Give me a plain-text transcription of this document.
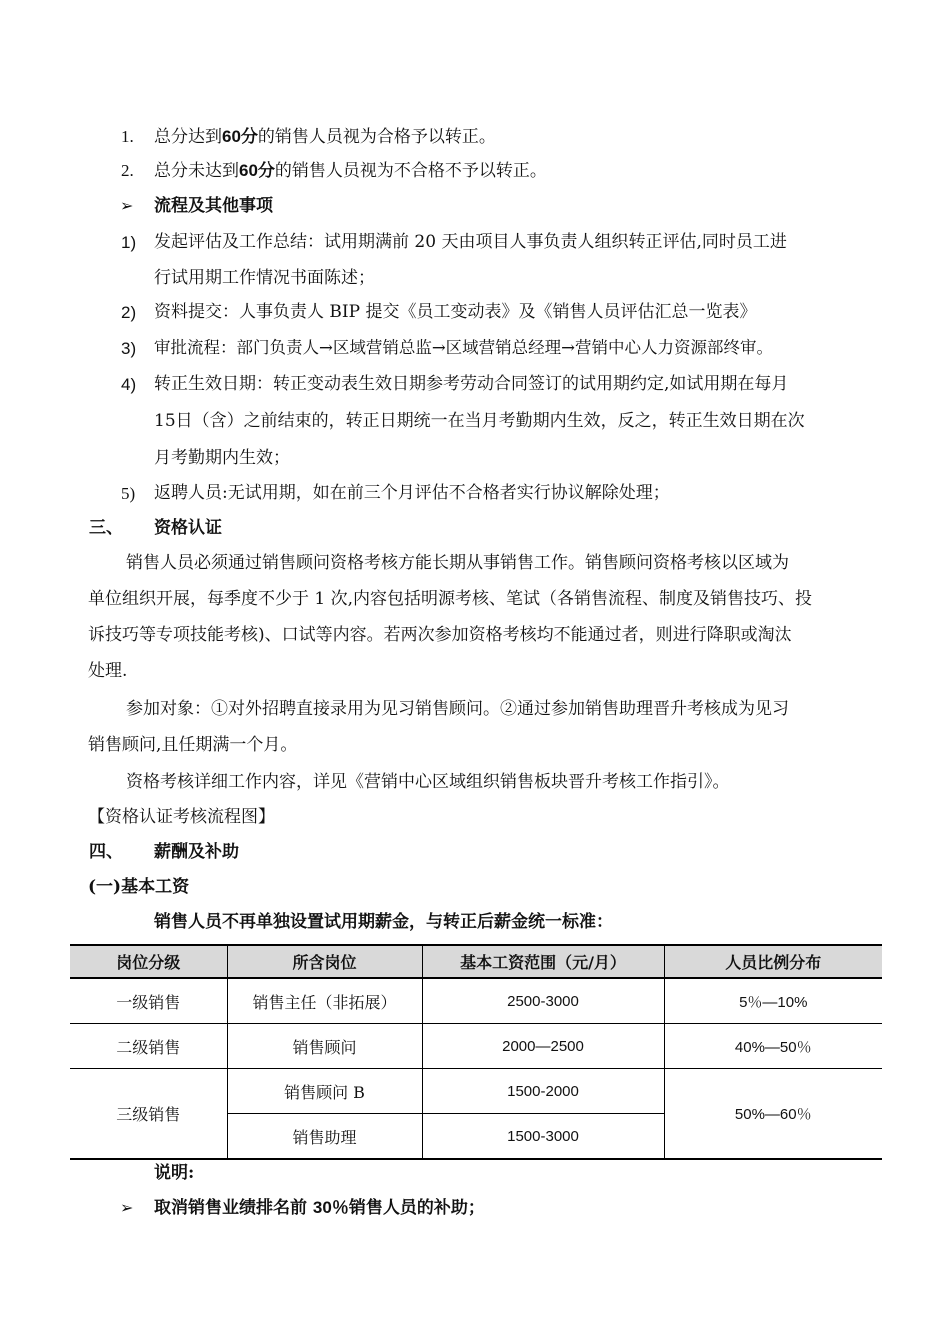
1. 总分达到60分的销售人员视为合格予以转正。
2. 总分未达到60分的销售人员视为不合格不予以转正。
➢ 流程及其他事项
1) 发起评估及工作总结：试用期满前 20 天由项目人事负责人组织转正评估,同时员工进
行试用期工作情况书面陈述；
2) 资料提交：人事负责人 BIP 提交《员工变动表》及《销售人员评估汇总一览表》
3) 审批流程：部门负责人→区域营销总监→区域营销总经理→营销中心人力资源部终审。
4) 转正生效日期：转正变动表生效日期参考劳动合同签订的试用期约定,如试用期在每月
15日（含）之前结束的，转正日期统一在当月考勤期内生效，反之，转正生效日期在次
月考勤期内生效；
5) 返聘人员:无试用期，如在前三个月评估不合格者实行协议解除处理；
三、 资格认证
销售人员必须通过销售顾问资格考核方能长期从事销售工作。销售顾问资格考核以区域为
单位组织开展，每季度不少于 1 次,内容包括明源考核、笔试（各销售流程、制度及销售技巧、投
诉技巧等专项技能考核)、口试等内容。若两次参加资格考核均不能通过者，则进行降职或淘汰
处理.
参加对象：①对外招聘直接录用为见习销售顾问。②通过参加销售助理晋升考核成为见习
销售顾问,且任期满一个月。
资格考核详细工作内容，详见《营销中心区域组织销售板块晋升考核工作指引》。
【资格认证考核流程图】
四、 薪酬及补助
(一)基本工资
销售人员不再单独设置试用期薪金，与转正后薪金统一标准：
岗位分级	所含岗位	基本工资范围（元/月）	人员比例分布
一级销售	销售主任（非拓展）	2500-3000	5％—10%
二级销售	销售顾问	2000—2500	40%—50％
三级销售	销售顾问 B	1500-2000	50%—60％
	销售助理	1500-3000	
说明:
➢ 取消销售业绩排名前 30％销售人员的补助；
